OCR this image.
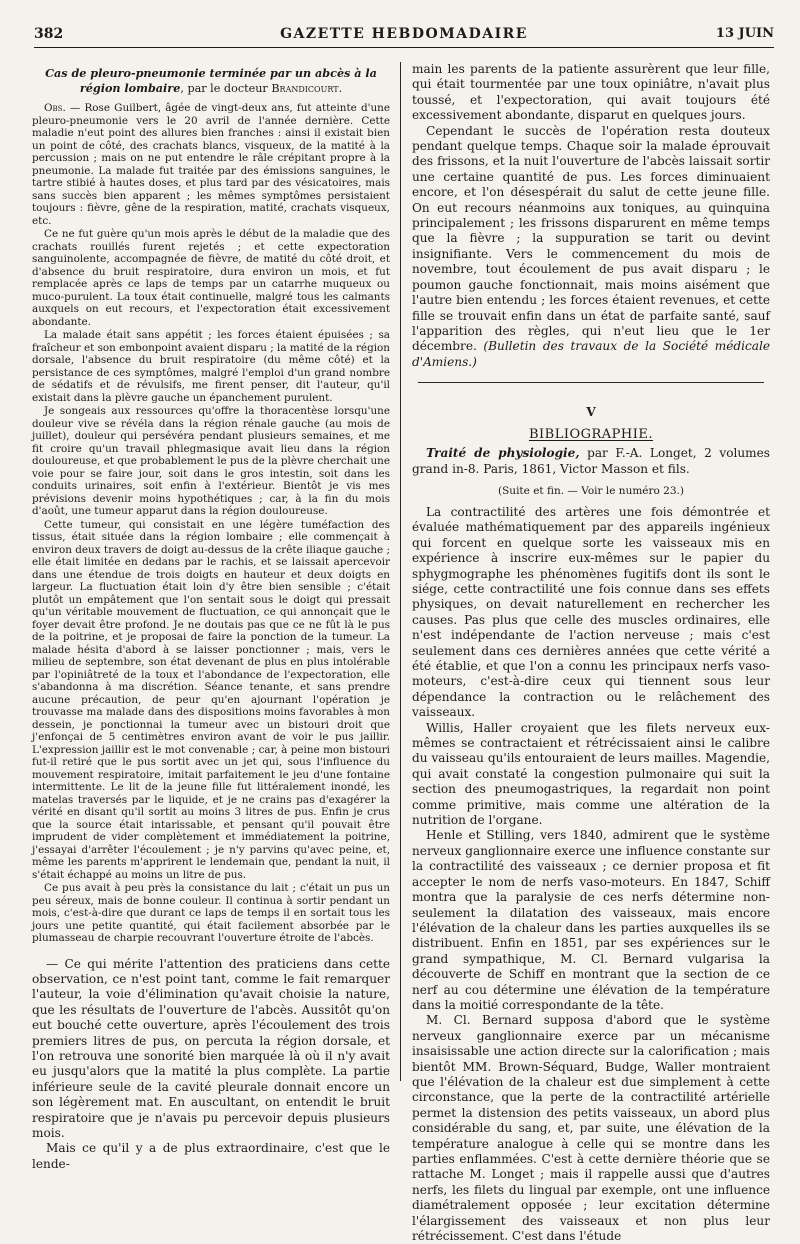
382	GAZETTE HEBDOMADAIRE	13 JUIN
Cas de pleuro-pneumonie terminée par un abcès à la région lombaire, par le docteur Brandicourt.

Obs. — Rose Guilbert, âgée de vingt-deux ans, fut atteinte d'une pleuro-pneumonie vers le 20 avril de l'année dernière. Cette maladie n'eut point des allures bien franches : ainsi il existait bien un point de côté, des crachats blancs, visqueux, de la matité à la percussion ; mais on ne put entendre le râle crépitant propre à la pneumonie. La malade fut traitée par des émissions sanguines, le tartre stibié à hautes doses, et plus tard par des vésicatoires, mais sans succès bien apparent ; les mêmes symptômes persistaient toujours : fièvre, gêne de la respiration, matité, crachats visqueux, etc.

Ce ne fut guère qu'un mois après le début de la maladie que des crachats rouillés furent rejetés ; et cette expectoration sanguinolente, accompagnée de fièvre, de matité du côté droit, et d'absence du bruit respiratoire, dura environ un mois, et fut remplacée après ce laps de temps par un catarrhe muqueux ou muco-purulent. La toux était continuelle, malgré tous les calmants auxquels on eut recours, et l'expectoration était excessivement abondante.

La malade était sans appétit ; les forces étaient épuisées ; sa fraîcheur et son embonpoint avaient disparu ; la matité de la région dorsale, l'absence du bruit respiratoire (du même côté) et la persistance de ces symptômes, malgré l'emploi d'un grand nombre de sédatifs et de révulsifs, me firent penser, dit l'auteur, qu'il existait dans la plèvre gauche un épanchement purulent.

Je songeais aux ressources qu'offre la thoracentèse lorsqu'une douleur vive se révéla dans la région rénale gauche (au mois de juillet), douleur qui persévéra pendant plusieurs semaines, et me fit croire qu'un travail phlegmasique avait lieu dans la région douloureuse, et que probablement le pus de la plèvre cherchait une voie pour se faire jour, soit dans le gros intestin, soit dans les conduits urinaires, soit enfin à l'extérieur. Bientôt je vis mes prévisions devenir moins hypothétiques ; car, à la fin du mois d'août, une tumeur apparut dans la région douloureuse.

Cette tumeur, qui consistait en une légère tuméfaction des tissus, était située dans la région lombaire ; elle commençait à environ deux travers de doigt au-dessus de la crête iliaque gauche ; elle était limitée en dedans par le rachis, et se laissait apercevoir dans une étendue de trois doigts en hauteur et deux doigts en largeur. La fluctuation était loin d'y être bien sensible ; c'était plutôt un empâtement que l'on sentait sous le doigt qui pressait qu'un véritable mouvement de fluctuation, ce qui annonçait que le foyer devait être profond. Je ne doutais pas que ce ne fût là le pus de la poitrine, et je proposai de faire la ponction de la tumeur. La malade hésita d'abord à se laisser ponctionner ; mais, vers le milieu de septembre, son état devenant de plus en plus intolérable par l'opiniâtreté de la toux et l'abondance de l'expectoration, elle s'abandonna à ma discrétion. Séance tenante, et sans prendre aucune précaution, de peur qu'en ajournant l'opération je trouvasse ma malade dans des dispositions moins favorables à mon dessein, je ponctionnai la tumeur avec un bistouri droit que j'enfonçai de 5 centimètres environ avant de voir le pus jaillir. L'expression jaillir est le mot convenable ; car, à peine mon bistouri fut-il retiré que le pus sortit avec un jet qui, sous l'influence du mouvement respiratoire, imitait parfaitement le jeu d'une fontaine intermittente. Le lit de la jeune fille fut littéralement inondé, les matelas traversés par le liquide, et je ne crains pas d'exagérer la vérité en disant qu'il sortit au moins 3 litres de pus. Enfin je crus que la source était intarissable, et pensant qu'il pouvait être imprudent de vider complètement et immédiatement la poitrine, j'essayai d'arrêter l'écoulement ; je n'y parvins qu'avec peine, et, même les parents m'apprirent le lendemain que, pendant la nuit, il s'était échappé au moins un litre de pus.

Ce pus avait à peu près la consistance du lait ; c'était un pus un peu séreux, mais de bonne couleur. Il continua à sortir pendant un mois, c'est-à-dire que durant ce laps de temps il en sortait tous les jours une petite quantité, qui était facilement absorbée par le plumasseau de charpie recouvrant l'ouverture étroite de l'abcès.

— Ce qui mérite l'attention des praticiens dans cette observation, ce n'est point tant, comme le fait remarquer l'auteur, la voie d'élimination qu'avait choisie la nature, que les résultats de l'ouverture de l'abcès. Aussitôt qu'on eut bouché cette ouverture, après l'écoulement des trois premiers litres de pus, on percuta la région dorsale, et l'on retrouva une sonorité bien marquée là où il n'y avait eu jusqu'alors que la matité la plus complète. La partie inférieure seule de la cavité pleurale donnait encore un son légèrement mat. En auscultant, on entendit le bruit respiratoire que je n'avais pu percevoir depuis plusieurs mois.

Mais ce qu'il y a de plus extraordinaire, c'est que le lende-

main les parents de la patiente assurèrent que leur fille, qui était tourmentée par une toux opiniâtre, n'avait plus toussé, et l'expectoration, qui avait toujours été excessivement abondante, disparut en quelques jours.

Cependant le succès de l'opération resta douteux pendant quelque temps. Chaque soir la malade éprouvait des frissons, et la nuit l'ouverture de l'abcès laissait sortir une certaine quantité de pus. Les forces diminuaient encore, et l'on désespérait du salut de cette jeune fille. On eut recours néanmoins aux toniques, au quinquina principalement ; les frissons disparurent en même temps que la fièvre ; la suppuration se tarit ou devint insignifiante. Vers le commencement du mois de novembre, tout écoulement de pus avait disparu ; le poumon gauche fonctionnait, mais moins aisément que l'autre bien entendu ; les forces étaient revenues, et cette fille se trouvait enfin dans un état de parfaite santé, sauf l'apparition des règles, qui n'eut lieu que le 1er décembre. (Bulletin des travaux de la Société médicale d'Amiens.)

V
BIBLIOGRAPHIE.
Traité de physiologie, par F.-A. Longet, 2 volumes grand in-8. Paris, 1861, Victor Masson et fils.
(Suite et fin. — Voir le numéro 23.)

La contractilité des artères une fois démontrée et évaluée mathématiquement par des appareils ingénieux qui forcent en quelque sorte les vaisseaux mis en expérience à inscrire eux-mêmes sur le papier du sphygmographe les phénomènes fugitifs dont ils sont le siége, cette contractilité une fois connue dans ses effets physiques, on devait naturellement en rechercher les causes. Pas plus que celle des muscles ordinaires, elle n'est indépendante de l'action nerveuse ; mais c'est seulement dans ces dernières années que cette vérité a été établie, et que l'on a connu les principaux nerfs vaso-moteurs, c'est-à-dire ceux qui tiennent sous leur dépendance la contraction ou le relâchement des vaisseaux.

Willis, Haller croyaient que les filets nerveux eux-mêmes se contractaient et rétrécissaient ainsi le calibre du vaisseau qu'ils entouraient de leurs mailles. Magendie, qui avait constaté la congestion pulmonaire qui suit la section des pneumogastriques, la regardait non point comme primitive, mais comme une altération de la nutrition de l'organe.

Henle et Stilling, vers 1840, admirent que le système nerveux ganglionnaire exerce une influence constante sur la contractilité des vaisseaux ; ce dernier proposa et fit accepter le nom de nerfs vaso-moteurs. En 1847, Schiff montra que la paralysie de ces nerfs détermine non-seulement la dilatation des vaisseaux, mais encore l'élévation de la chaleur dans les parties auxquelles ils se distribuent. Enfin en 1851, par ses expériences sur le grand sympathique, M. Cl. Bernard vulgarisa la découverte de Schiff en montrant que la section de ce nerf au cou détermine une élévation de la température dans la moitié correspondante de la tête.

M. Cl. Bernard supposa d'abord que le système nerveux ganglionnaire exerce par un mécanisme insaisissable une action directe sur la calorification ; mais bientôt MM. Brown-Séquard, Budge, Waller montraient que l'élévation de la chaleur est due simplement à cette circonstance, que la perte de la contractilité artérielle permet la distension des petits vaisseaux, un abord plus considérable du sang, et, par suite, une élévation de la température analogue à celle qui se montre dans les parties enflammées. C'est à cette dernière théorie que se rattache M. Longet ; mais il rappelle aussi que d'autres nerfs, les filets du lingual par exemple, ont une influence diamétralement opposée ; leur excitation détermine l'élargissement des vaisseaux et non plus leur rétrécissement. C'est dans l'étude
